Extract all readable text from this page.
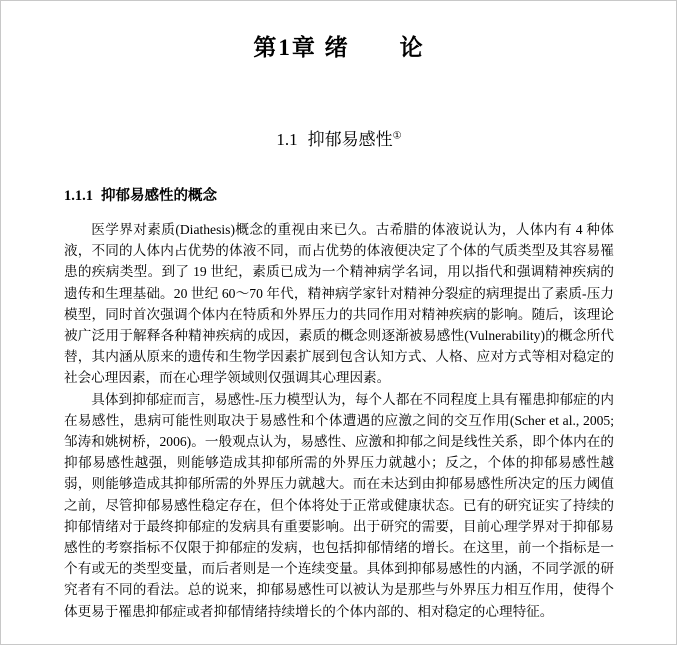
第1章 绪　　论
1.1 抑郁易感性①
1.1.1 抑郁易感性的概念

医学界对素质(Diathesis)概念的重视由来已久。古希腊的体液说认为，人体内有 4 种体液，不同的人体内占优势的体液不同，而占优势的体液便决定了个体的气质类型及其容易罹患的疾病类型。到了 19 世纪，素质已成为一个精神病学名词，用以指代和强调精神疾病的遗传和生理基础。20 世纪 60～70 年代，精神病学家针对精神分裂症的病理提出了素质-压力模型，同时首次强调个体内在特质和外界压力的共同作用对精神疾病的影响。随后，该理论被广泛用于解释各种精神疾病的成因，素质的概念则逐渐被易感性(Vulnerability)的概念所代替，其内涵从原来的遗传和生物学因素扩展到包含认知方式、人格、应对方式等相对稳定的社会心理因素，而在心理学领域则仅强调其心理因素。

具体到抑郁症而言，易感性-压力模型认为，每个人都在不同程度上具有罹患抑郁症的内在易感性，患病可能性则取决于易感性和个体遭遇的应激之间的交互作用(Scher et al., 2005; 邹涛和姚树桥，2006)。一般观点认为，易感性、应激和抑郁之间是线性关系，即个体内在的抑郁易感性越强，则能够造成其抑郁所需的外界压力就越小；反之，个体的抑郁易感性越弱，则能够造成其抑郁所需的外界压力就越大。而在未达到由抑郁易感性所决定的压力阈值之前，尽管抑郁易感性稳定存在，但个体将处于正常或健康状态。已有的研究证实了持续的抑郁情绪对于最终抑郁症的发病具有重要影响。出于研究的需要，目前心理学界对于抑郁易感性的考察指标不仅限于抑郁症的发病，也包括抑郁情绪的增长。在这里，前一个指标是一个有或无的类型变量，而后者则是一个连续变量。具体到抑郁易感性的内涵，不同学派的研究者有不同的看法。总的说来，抑郁易感性可以被认为是那些与外界压力相互作用，使得个体更易于罹患抑郁症或者抑郁情绪持续增长的个体内部的、相对稳定的心理特征。
